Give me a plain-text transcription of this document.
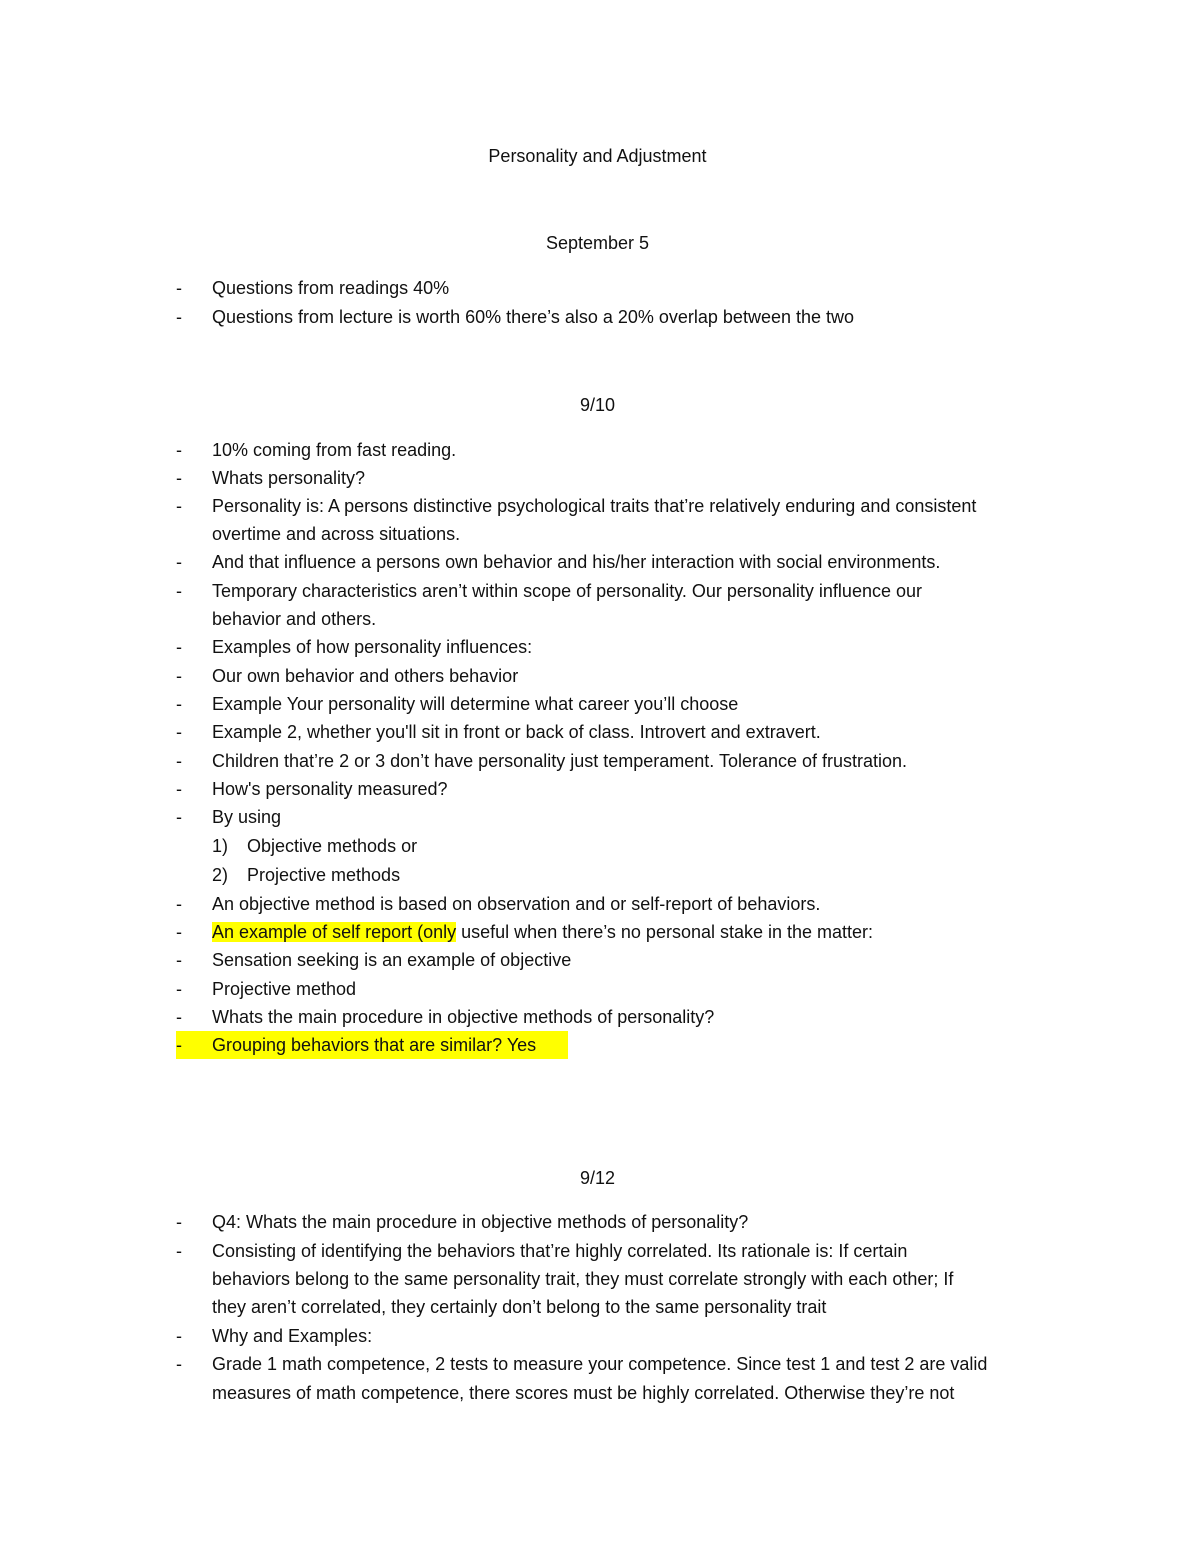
Personality and Adjustment
September 5
- Questions from readings 40%
- Questions from lecture is worth 60% there’s also a 20% overlap between the two
9/10
- 10% coming from fast reading.
- Whats personality?
- Personality is: A persons distinctive psychological traits that’re relatively enduring and consistent
overtime and across situations.
- And that influence a persons own behavior and his/her interaction with social environments.
- Temporary characteristics aren’t within scope of personality. Our personality influence our
behavior and others.
- Examples of how personality influences:
- Our own behavior and others behavior
- Example Your personality will determine what career you’ll choose
- Example 2, whether you'll sit in front or back of class. Introvert and extravert.
- Children that’re 2 or 3 don’t have personality just temperament. Tolerance of frustration.
- How's personality measured?
- By using
1) Objective methods or
2) Projective methods
- An objective method is based on observation and or self-report of behaviors.
- An example of self report (only useful when there’s no personal stake in the matter:
- Sensation seeking is an example of objective
- Projective method
- Whats the main procedure in objective methods of personality?
- Grouping behaviors that are similar? Yes
9/12
- Q4: Whats the main procedure in objective methods of personality?
- Consisting of identifying the behaviors that’re highly correlated. Its rationale is: If certain
behaviors belong to the same personality trait, they must correlate strongly with each other; If
they aren’t correlated, they certainly don’t belong to the same personality trait
- Why and Examples:
- Grade 1 math competence, 2 tests to measure your competence. Since test 1 and test 2 are valid
measures of math competence, there scores must be highly correlated. Otherwise they’re not
